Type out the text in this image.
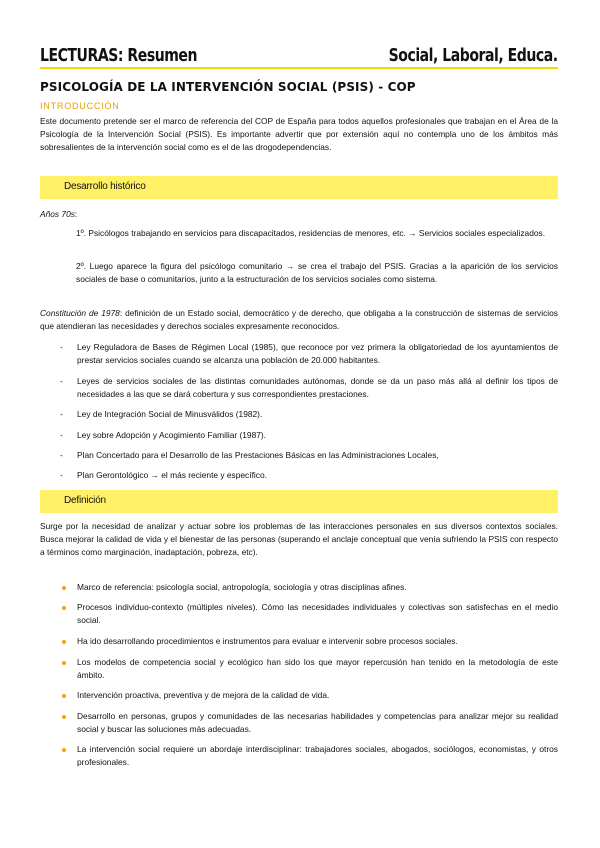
LECTURAS: Resumen	Social, Laboral, Educa.
PSICOLOGÍA DE LA INTERVENCIÓN SOCIAL (PSIS) - COP
INTRODUCCIÓN
Este documento pretende ser el marco de referencia del COP de España para todos aquellos profesionales que trabajan en el Área de la Psicología de la Intervención Social (PSIS). Es importante advertir que por extensión aquí no contempla uno de los ámbitos más sobresalientes de la intervención social como es el de las drogodependencias.
Desarrollo histórico
Años 70s:
1º. Psicólogos trabajando en servicios para discapacitados, residencias de menores, etc. → Servicios sociales especializados.
2º. Luego aparece la figura del psicólogo comunitario → se crea el trabajo del PSIS. Gracias a la aparición de los servicios sociales de base o comunitarios, junto a la estructuración de los servicios sociales como sistema.
Constitución de 1978: definición de un Estado social, democrático y de derecho, que obligaba a la construcción de sistemas de servicios que atendieran las necesidades y derechos sociales expresamente reconocidos.
- Ley Reguladora de Bases de Régimen Local (1985), que reconoce por vez primera la obligatoriedad de los ayuntamientos de prestar servicios sociales cuando se alcanza una población de 20.000 habitantes.
- Leyes de servicios sociales de las distintas comunidades autónomas, donde se da un paso más allá al definir los tipos de necesidades a las que se dará cobertura y sus correspondientes prestaciones.
- Ley de Integración Social de Minusválidos (1982).
- Ley sobre Adopción y Acogimiento Familiar (1987).
- Plan Concertado para el Desarrollo de las Prestaciones Básicas en las Administraciones Locales,
- Plan Gerontológico → el más reciente y específico.
Definición
Surge por la necesidad de analizar y actuar sobre los problemas de las interacciones personales en sus diversos contextos sociales. Busca mejorar la calidad de vida y el bienestar de las personas (superando el anclaje conceptual que venía sufriendo la PSIS con respecto a términos como marginación, inadaptación, pobreza, etc).
Marco de referencia: psicología social, antropología, sociología y otras disciplinas afines.
Procesos individuo-contexto (múltiples niveles). Cómo las necesidades individuales y colectivas son satisfechas en el medio social.
Ha ido desarrollando procedimientos e instrumentos para evaluar e intervenir sobre procesos sociales.
Los modelos de competencia social y ecológico han sido los que mayor repercusión han tenido en la metodología de este ámbito.
Intervención proactiva, preventiva y de mejora de la calidad de vida.
Desarrollo en personas, grupos y comunidades de las necesarias habilidades y competencias para analizar mejor su realidad social y buscar las soluciones más adecuadas.
La intervención social requiere un abordaje interdisciplinar: trabajadores sociales, abogados, sociólogos, economistas, y otros profesionales.
